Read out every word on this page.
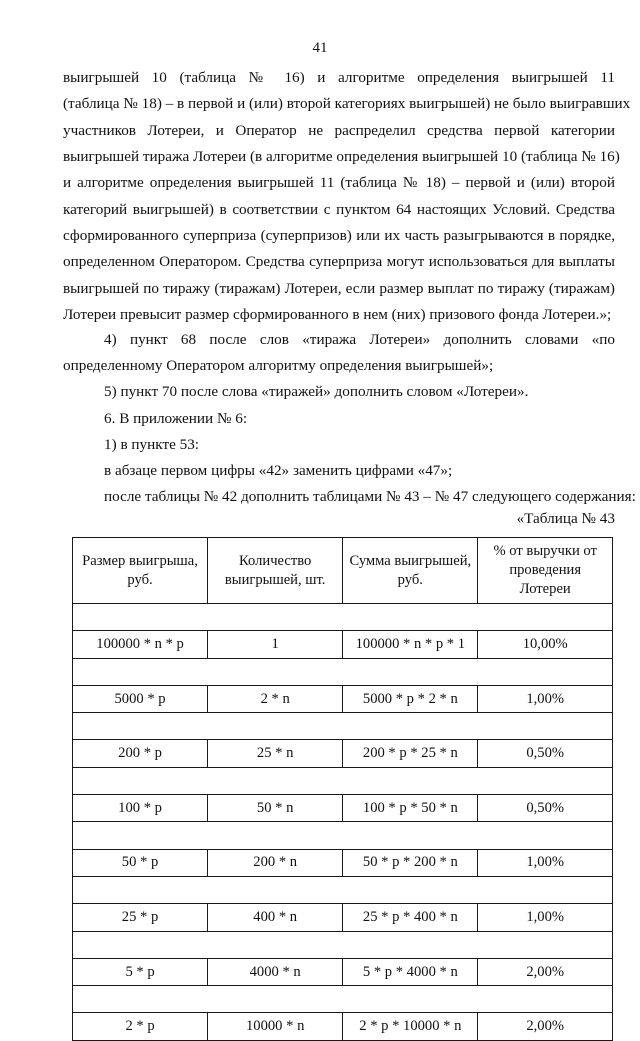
41
выигрышей 10 (таблица № 16) и алгоритме определения выигрышей 11
(таблица № 18) – в первой и (или) второй категориях выигрышей) не было выигравших
участников Лотереи, и Оператор не распределил средства первой категории
выигрышей тиража Лотереи (в алгоритме определения выигрышей 10 (таблица № 16)
и алгоритме определения выигрышей 11 (таблица № 18) – первой и (или) второй
категорий выигрышей) в соответствии с пунктом 64 настоящих Условий. Средства
сформированного суперприза (суперпризов) или их часть разыгрываются в порядке,
определенном Оператором. Средства суперприза могут использоваться для выплаты
выигрышей по тиражу (тиражам) Лотереи, если размер выплат по тиражу (тиражам)
Лотереи превысит размер сформированного в нем (них) призового фонда Лотереи.»;
4) пункт 68 после слов «тиража Лотереи» дополнить словами «по
определенному Оператором алгоритму определения выигрышей»;
5) пункт 70 после слова «тиражей» дополнить словом «Лотереи».
6. В приложении № 6:
1) в пункте 53:
в абзаце первом цифры «42» заменить цифрами «47»;
после таблицы № 42 дополнить таблицами № 43 – № 47 следующего содержания:
«Таблица № 43
Размер выигрыша, руб.	Количество выигрышей, шт.	Сумма выигрышей, руб.	% от выручки от проведения Лотереи

100000 * n * p	1	100000 * n * p * 1	10,00%

5000 * p	2 * n	5000 * p * 2 * n	1,00%

200 * p	25 * n	200 * p * 25 * n	0,50%

100 * p	50 * n	100 * p * 50 * n	0,50%

50 * p	200 * n	50 * p * 200 * n	1,00%

25 * p	400 * n	25 * p * 400 * n	1,00%

5 * p	4000 * n	5 * p * 4000 * n	2,00%

2 * p	10000 * n	2 * p * 10000 * n	2,00%
